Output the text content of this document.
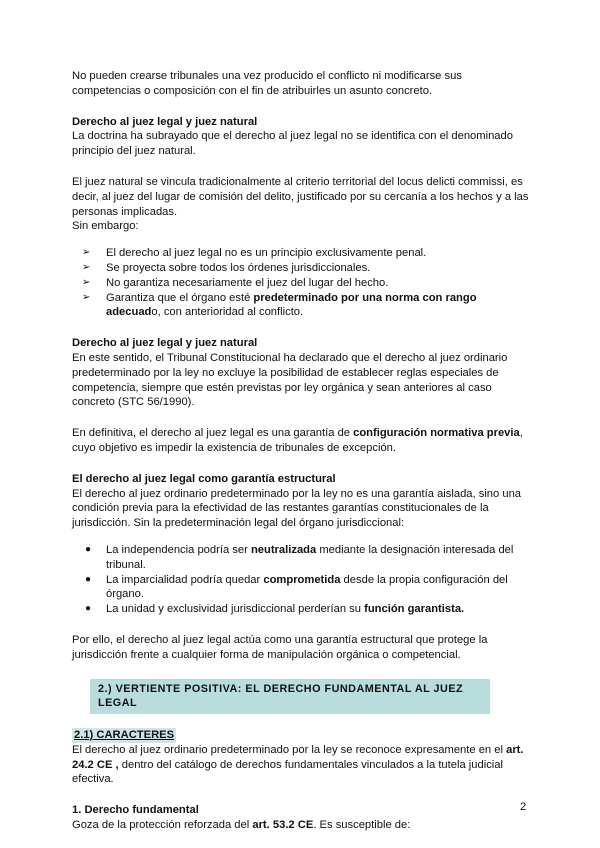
No pueden crearse tribunales una vez producido el conflicto ni modificarse sus competencias o composición con el fin de atribuirles un asunto concreto.

Derecho al juez legal y juez natural

La doctrina ha subrayado que el derecho al juez legal no se identifica con el denominado principio del juez natural.

El juez natural se vincula tradicionalmente al criterio territorial del locus delicti commissi, es decir, al juez del lugar de comisión del delito, justificado por su cercanía a los hechos y a las personas implicadas.

Sin embargo:

➢	El derecho al juez legal no es un principio exclusivamente penal.
➢	Se proyecta sobre todos los órdenes jurisdiccionales.
➢	No garantiza necesariamente el juez del lugar del hecho.
➢	Garantiza que el órgano esté predeterminado por una norma con rango adecuado, con anterioridad al conflicto.
Derecho al juez legal y juez natural

En este sentido, el Tribunal Constitucional ha declarado que el derecho al juez ordinario predeterminado por la ley no excluye la posibilidad de establecer reglas especiales de competencia, siempre que estén previstas por ley orgánica y sean anteriores al caso concreto (STC 56/1990).

En definitiva, el derecho al juez legal es una garantía de configuración normativa previa, cuyo objetivo es impedir la existencia de tribunales de excepción.

El derecho al juez legal como garantía estructural

El derecho al juez ordinario predeterminado por la ley no es una garantía aislada, sino una condición previa para la efectividad de las restantes garantías constitucionales de la jurisdicción. Sin la predeterminación legal del órgano jurisdiccional:

●	La independencia podría ser neutralizada mediante la designación interesada del tribunal.
●	La imparcialidad podría quedar comprometida desde la propia configuración del órgano.
●	La unidad y exclusividad jurisdiccional perderían su función garantista.

Por ello, el derecho al juez legal actúa como una garantía estructural que protege la jurisdicción frente a cualquier forma de manipulación orgánica o competencial.

2.) VERTIENTE POSITIVA: EL DERECHO FUNDAMENTAL AL JUEZ LEGAL
2.1) CARACTERES

El derecho al juez ordinario predeterminado por la ley se reconoce expresamente en el art. 24.2 CE , dentro del catálogo de derechos fundamentales vinculados a la tutela judicial efectiva.

1. Derecho fundamental

Goza de la protección reforzada del art. 53.2 CE. Es susceptible de:

2
